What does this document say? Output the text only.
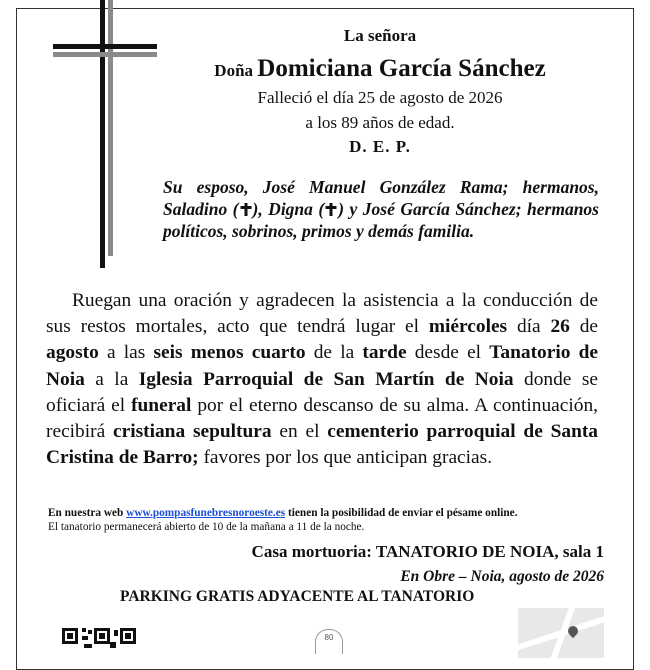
La señora
Doña Domiciana García Sánchez
Falleció el día 25 de agosto de 2026
a los 89 años de edad.
D. E. P.
Su esposo, José Manuel González Rama; hermanos, Saladino ( ), Digna ( ) y José García Sánchez; hermanos políticos, sobrinos, primos y demás familia.
Ruegan una oración y agradecen la asistencia a la conducción de sus restos mortales, acto que tendrá lugar el miércoles día 26 de agosto a las seis menos cuarto de la tarde desde el Tanatorio de Noia a la Iglesia Parroquial de San Martín de Noia donde se oficiará el funeral por el eterno descanso de su alma. A continuación, recibirá cristiana sepultura en el cementerio parroquial de Santa Cristina de Barro; favores por los que anticipan gracias.
En nuestra web www.pompasfunebresnoroeste.es tienen la posibilidad de enviar el pésame online.
El tanatorio permanecerá abierto de 10 de la mañana a 11 de la noche.
Casa mortuoria: TANATORIO DE NOIA, sala 1
En Obre – Noia, agosto de 2026
PARKING GRATIS ADYACENTE AL TANATORIO
80
